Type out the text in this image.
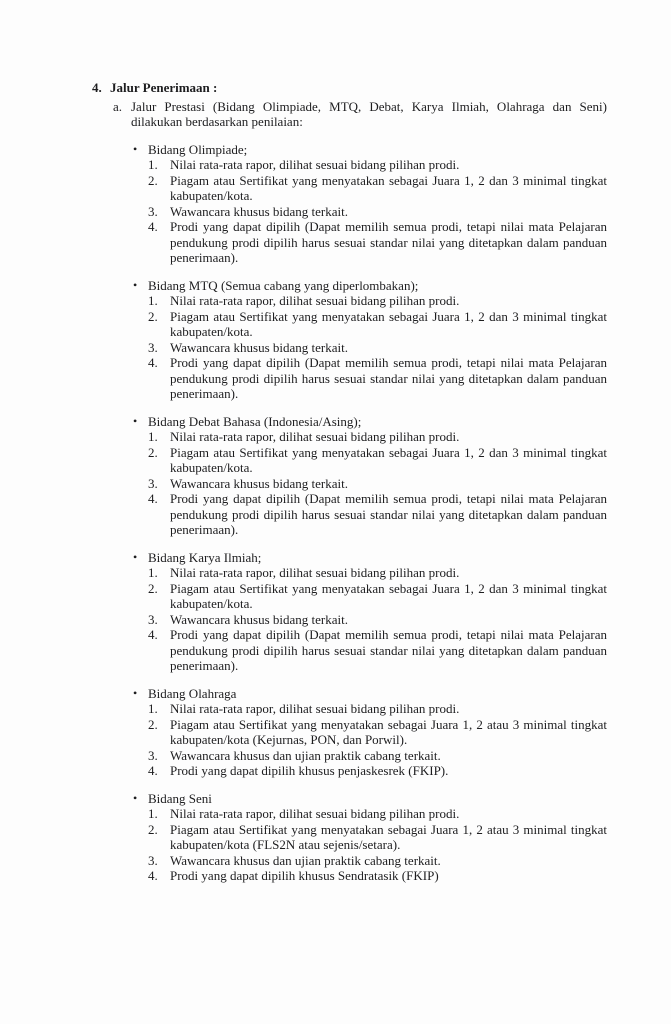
4. Jalur Penerimaan :
a. Jalur Prestasi (Bidang Olimpiade, MTQ, Debat, Karya Ilmiah, Olahraga dan Seni) dilakukan berdasarkan penilaian:

• Bidang Olimpiade;
1. Nilai rata-rata rapor, dilihat sesuai bidang pilihan prodi.
2. Piagam atau Sertifikat yang menyatakan sebagai Juara 1, 2 dan 3 minimal tingkat kabupaten/kota.
3. Wawancara khusus bidang terkait.
4. Prodi yang dapat dipilih (Dapat memilih semua prodi, tetapi nilai mata Pelajaran pendukung prodi dipilih harus sesuai standar nilai yang ditetapkan dalam panduan penerimaan).
• Bidang MTQ (Semua cabang yang diperlombakan);
1. Nilai rata-rata rapor, dilihat sesuai bidang pilihan prodi.
2. Piagam atau Sertifikat yang menyatakan sebagai Juara 1, 2 dan 3 minimal tingkat kabupaten/kota.
3. Wawancara khusus bidang terkait.
4. Prodi yang dapat dipilih (Dapat memilih semua prodi, tetapi nilai mata Pelajaran pendukung prodi dipilih harus sesuai standar nilai yang ditetapkan dalam panduan penerimaan).
• Bidang Debat Bahasa (Indonesia/Asing);
1. Nilai rata-rata rapor, dilihat sesuai bidang pilihan prodi.
2. Piagam atau Sertifikat yang menyatakan sebagai Juara 1, 2 dan 3 minimal tingkat kabupaten/kota.
3. Wawancara khusus bidang terkait.
4. Prodi yang dapat dipilih (Dapat memilih semua prodi, tetapi nilai mata Pelajaran pendukung prodi dipilih harus sesuai standar nilai yang ditetapkan dalam panduan penerimaan).
• Bidang Karya Ilmiah;
1. Nilai rata-rata rapor, dilihat sesuai bidang pilihan prodi.
2. Piagam atau Sertifikat yang menyatakan sebagai Juara 1, 2 dan 3 minimal tingkat kabupaten/kota.
3. Wawancara khusus bidang terkait.
4. Prodi yang dapat dipilih (Dapat memilih semua prodi, tetapi nilai mata Pelajaran pendukung prodi dipilih harus sesuai standar nilai yang ditetapkan dalam panduan penerimaan).
• Bidang Olahraga
1. Nilai rata-rata rapor, dilihat sesuai bidang pilihan prodi.
2. Piagam atau Sertifikat yang menyatakan sebagai Juara 1, 2 atau 3 minimal tingkat kabupaten/kota (Kejurnas, PON, dan Porwil).
3. Wawancara khusus dan ujian praktik cabang terkait.
4. Prodi yang dapat dipilih khusus penjaskesrek (FKIP).
• Bidang Seni
1. Nilai rata-rata rapor, dilihat sesuai bidang pilihan prodi.
2. Piagam atau Sertifikat yang menyatakan sebagai Juara 1, 2 atau 3 minimal tingkat kabupaten/kota (FLS2N atau sejenis/setara).
3. Wawancara khusus dan ujian praktik cabang terkait.
4. Prodi yang dapat dipilih khusus Sendratasik (FKIP)
